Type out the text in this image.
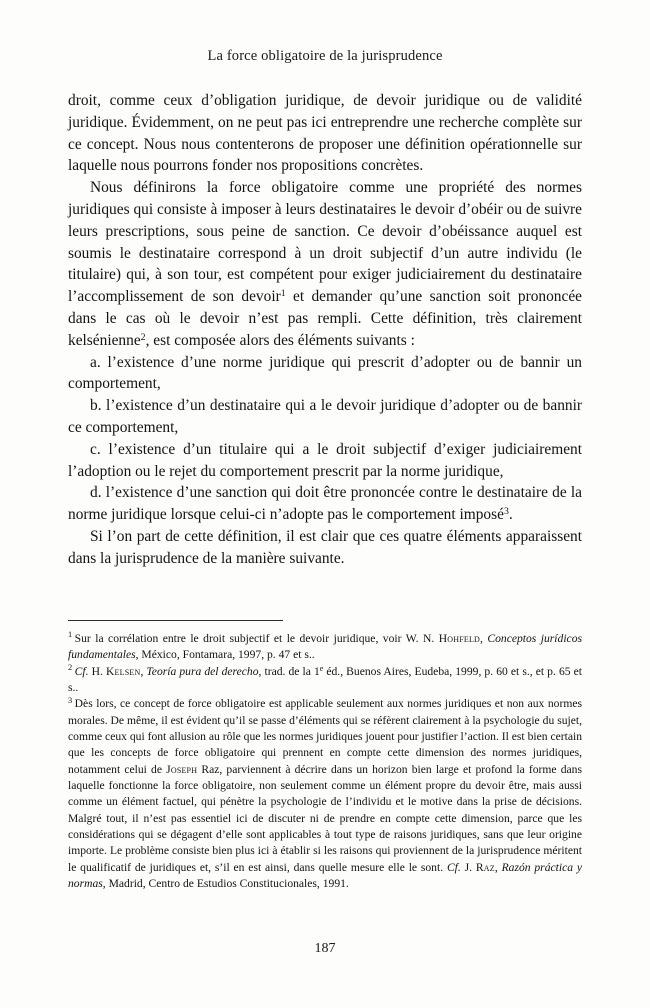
La force obligatoire de la jurisprudence

droit, comme ceux d’obligation juridique, de devoir juridique ou de validité juridique. Évidemment, on ne peut pas ici entreprendre une recherche complète sur ce concept. Nous nous contenterons de proposer une définition opérationnelle sur laquelle nous pourrons fonder nos propositions concrètes.

Nous définirons la force obligatoire comme une propriété des normes juridiques qui consiste à imposer à leurs destinataires le devoir d’obéir ou de suivre leurs prescriptions, sous peine de sanction. Ce devoir d’obéissance auquel est soumis le destinataire correspond à un droit subjectif d’un autre individu (le titulaire) qui, à son tour, est compétent pour exiger judiciairement du destinataire l’accomplissement de son devoir$^1$ et demander qu’une sanction soit prononcée dans le cas où le devoir n’est pas rempli. Cette définition, très clairement kelsénienne$^2$, est composée alors des éléments suivants :

a. l’existence d’une norme juridique qui prescrit d’adopter ou de bannir un comportement,

b. l’existence d’un destinataire qui a le devoir juridique d’adopter ou de bannir ce comportement,

c. l’existence d’un titulaire qui a le droit subjectif d’exiger judiciairement l’adoption ou le rejet du comportement prescrit par la norme juridique,

d. l’existence d’une sanction qui doit être prononcée contre le destinataire de la norme juridique lorsque celui-ci n’adopte pas le comportement imposé$^3$.

Si l’on part de cette définition, il est clair que ces quatre éléments apparaissent dans la jurisprudence de la manière suivante.

$^1$ Sur la corrélation entre le droit subjectif et le devoir juridique, voir W. N. Hohfeld, Conceptos jurídicos fundamentales, México, Fontamara, 1997, p. 47 et s..

$^2$ Cf. H. Kelsen, Teoría pura del derecho, trad. de la 1e éd., Buenos Aires, Eudeba, 1999, p. 60 et s., et p. 65 et s..

$^3$ Dès lors, ce concept de force obligatoire est applicable seulement aux normes juridiques et non aux normes morales. De même, il est évident qu’il se passe d’éléments qui se réfèrent clairement à la psychologie du sujet, comme ceux qui font allusion au rôle que les normes juridiques jouent pour justifier l’action. Il est bien certain que les concepts de force obligatoire qui prennent en compte cette dimension des normes juridiques, notamment celui de Joseph Raz, parviennent à décrire dans un horizon bien large et profond la forme dans laquelle fonctionne la force obligatoire, non seulement comme un élément propre du devoir être, mais aussi comme un élément factuel, qui pénètre la psychologie de l’individu et le motive dans la prise de décisions. Malgré tout, il n’est pas essentiel ici de discuter ni de prendre en compte cette dimension, parce que les considérations qui se dégagent d’elle sont applicables à tout type de raisons juridiques, sans que leur origine importe. Le problème consiste bien plus ici à établir si les raisons qui proviennent de la jurisprudence méritent le qualificatif de juridiques et, s’il en est ainsi, dans quelle mesure elle le sont. Cf. J. Raz, Razón práctica y normas, Madrid, Centro de Estudios Constitucionales, 1991.

187
